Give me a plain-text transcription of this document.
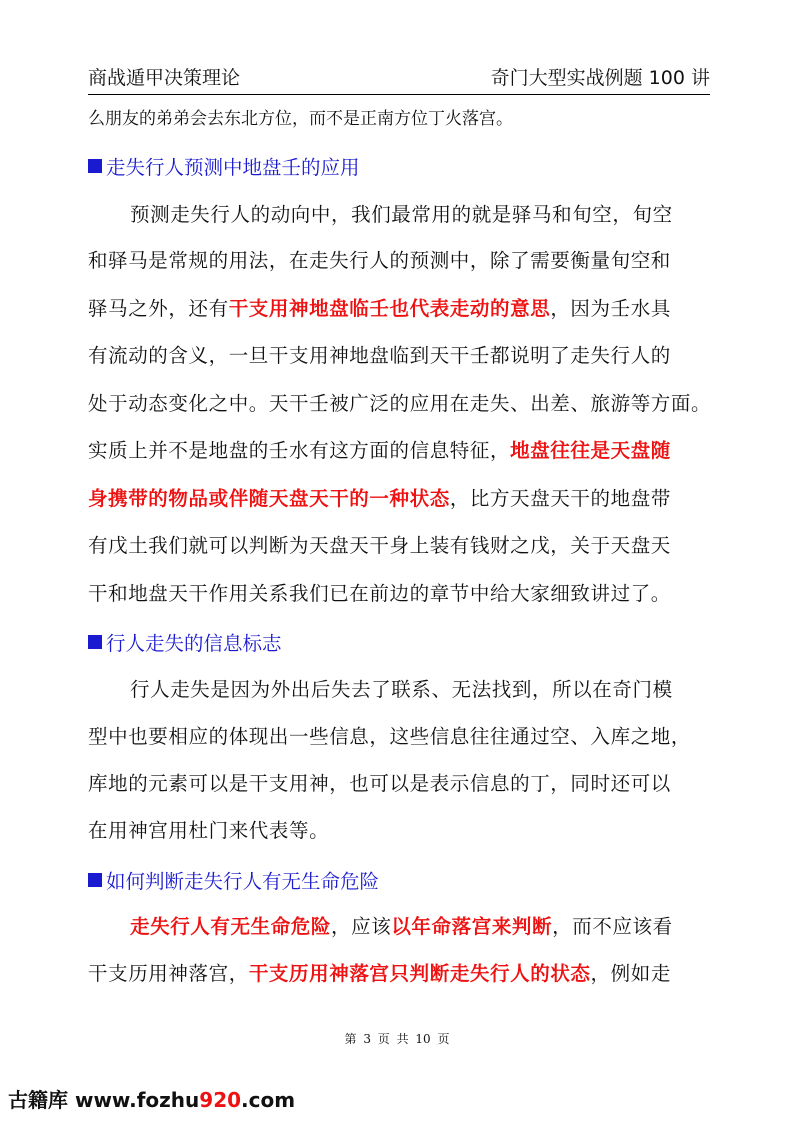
商战遁甲决策理论	奇门大型实战例题 100 讲
么朋友的弟弟会去东北方位，而不是正南方位丁火落宫。
走失行人预测中地盘壬的应用
预测走失行人的动向中，我们最常用的就是驿马和旬空，旬空
和驿马是常规的用法，在走失行人的预测中，除了需要衡量旬空和
驿马之外，还有干支用神地盘临壬也代表走动的意思，因为壬水具
有流动的含义，一旦干支用神地盘临到天干壬都说明了走失行人的
处于动态变化之中。天干壬被广泛的应用在走失、出差、旅游等方面。
实质上并不是地盘的壬水有这方面的信息特征，地盘往往是天盘随
身携带的物品或伴随天盘天干的一种状态，比方天盘天干的地盘带
有戊土我们就可以判断为天盘天干身上装有钱财之戊，关于天盘天
干和地盘天干作用关系我们已在前边的章节中给大家细致讲过了。
行人走失的信息标志
行人走失是因为外出后失去了联系、无法找到，所以在奇门模
型中也要相应的体现出一些信息，这些信息往往通过空、入库之地，
库地的元素可以是干支用神，也可以是表示信息的丁，同时还可以
在用神宫用杜门来代表等。
如何判断走失行人有无生命危险
走失行人有无生命危险，应该以年命落宫来判断，而不应该看
干支历用神落宫，干支历用神落宫只判断走失行人的状态，例如走
第 3 页 共 10 页
古籍库 www.fozhu920.com
